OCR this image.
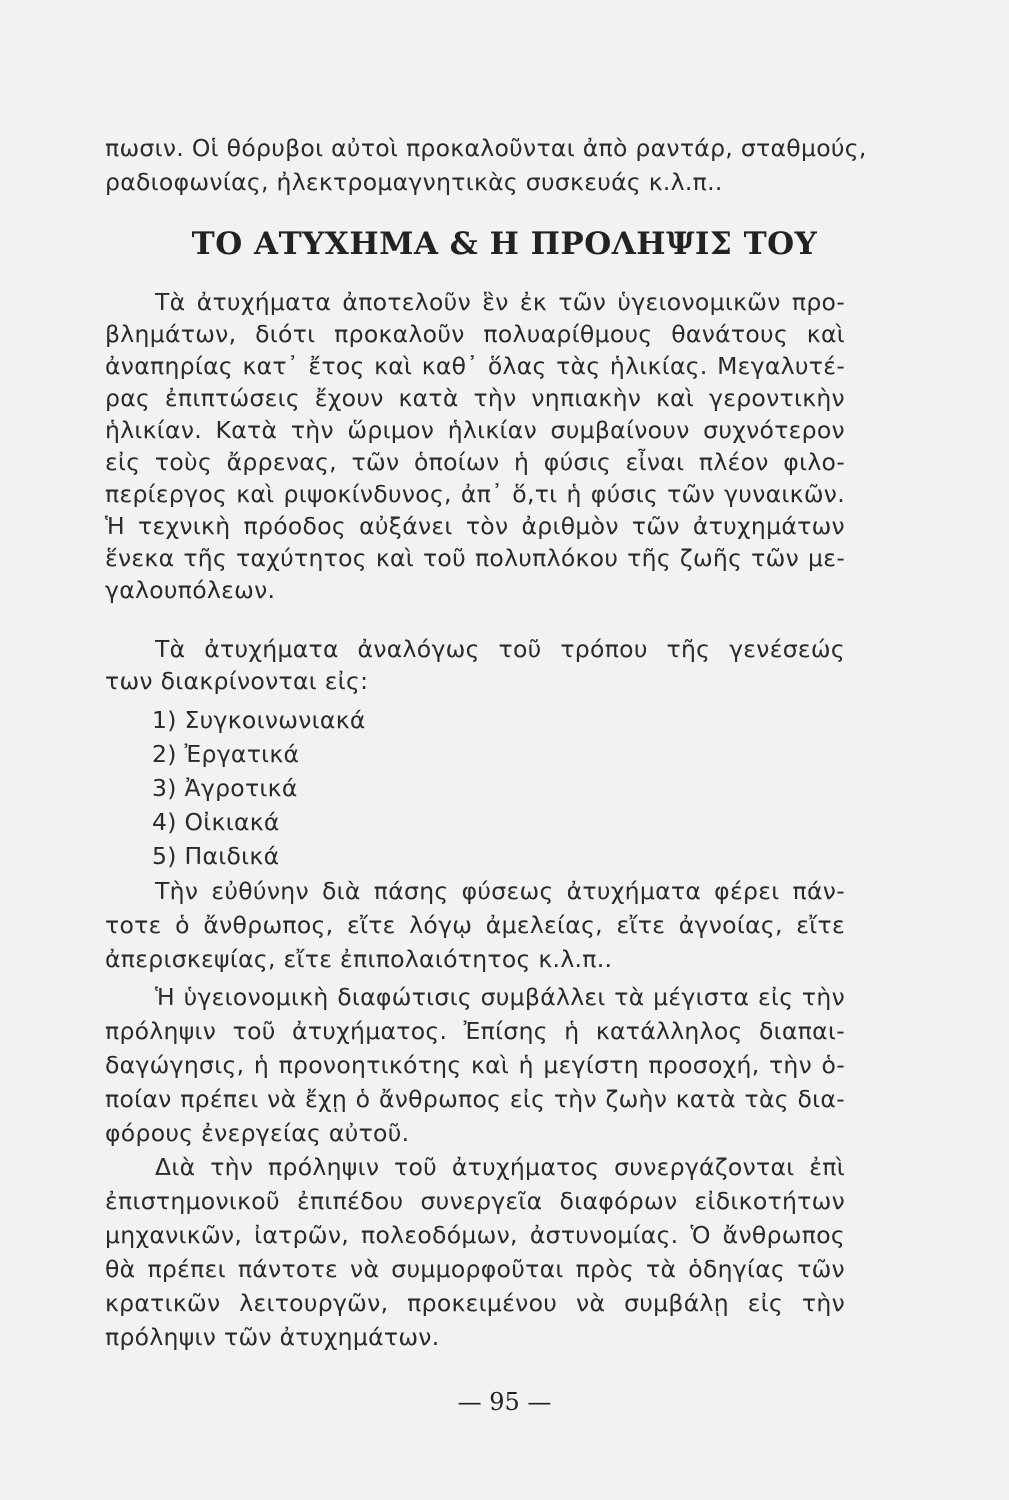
πωσιν. Οἱ θόρυβοι αὐτοὶ προκαλοῦνται ἀπὸ ραντάρ, σταθμούς,
ραδιοφωνίας, ἠλεκτρομαγνητικὰς συσκευάς κ.λ.π..
ΤΟ ΑΤΥΧΗΜΑ & Η ΠΡΟΛΗΨΙΣ ΤΟΥ
Τὰ ἀτυχήματα ἀποτελοῦν ἓν ἐκ τῶν ὑγειονομικῶν προ-
βλημάτων, διότι προκαλοῦν πολυαρίθμους θανάτους καὶ
ἀναπηρίας κατ᾽ ἔτος καὶ καθ᾽ ὅλας τὰς ἡλικίας. Μεγαλυτέ-
ρας ἐπιπτώσεις ἔχουν κατὰ τὴν νηπιακὴν καὶ γεροντικὴν
ἡλικίαν. Κατὰ τὴν ὥριμον ἡλικίαν συμβαίνουν συχνότερον
εἰς τοὺς ἄρρενας, τῶν ὁποίων ἡ φύσις εἶναι πλέον φιλο-
περίεργος καὶ ριψοκίνδυνος, ἀπ᾽ ὅ,τι ἡ φύσις τῶν γυναικῶν.
Ἡ τεχνικὴ πρόοδος αὐξάνει τὸν ἀριθμὸν τῶν ἀτυχημάτων
ἕνεκα τῆς ταχύτητος καὶ τοῦ πολυπλόκου τῆς ζωῆς τῶν με-
γαλουπόλεων.
Τὰ ἀτυχήματα ἀναλόγως τοῦ τρόπου τῆς γενέσεώς
των διακρίνονται εἰς:
1) Συγκοινωνιακά
2) Ἐργατικά
3) Ἀγροτικά
4) Οἰκιακά
5) Παιδικά
Τὴν εὐθύνην διὰ πάσης φύσεως ἀτυχήματα φέρει πάν-
τοτε ὁ ἄνθρωπος, εἴτε λόγῳ ἀμελείας, εἴτε ἀγνοίας, εἴτε
ἀπερισκεψίας, εἴτε ἐπιπολαιότητος κ.λ.π..
Ἡ ὑγειονομικὴ διαφώτισις συμβάλλει τὰ μέγιστα εἰς τὴν
πρόληψιν τοῦ ἀτυχήματος. Ἐπίσης ἡ κατάλληλος διαπαι-
δαγώγησις, ἡ προνοητικότης καὶ ἡ μεγίστη προσοχή, τὴν ὁ-
ποίαν πρέπει νὰ ἔχῃ ὁ ἄνθρωπος εἰς τὴν ζωὴν κατὰ τὰς δια-
φόρους ἐνεργείας αὐτοῦ.
Διὰ τὴν πρόληψιν τοῦ ἀτυχήματος συνεργάζονται ἐπὶ
ἐπιστημονικοῦ ἐπιπέδου συνεργεῖα διαφόρων εἰδικοτήτων
μηχανικῶν, ἰατρῶν, πολεοδόμων, ἀστυνομίας. Ὁ ἄνθρωπος
θὰ πρέπει πάντοτε νὰ συμμορφοῦται πρὸς τὰ ὁδηγίας τῶν
κρατικῶν λειτουργῶν, προκειμένου νὰ συμβάλῃ εἰς τὴν
πρόληψιν τῶν ἀτυχημάτων.
— 95 —
